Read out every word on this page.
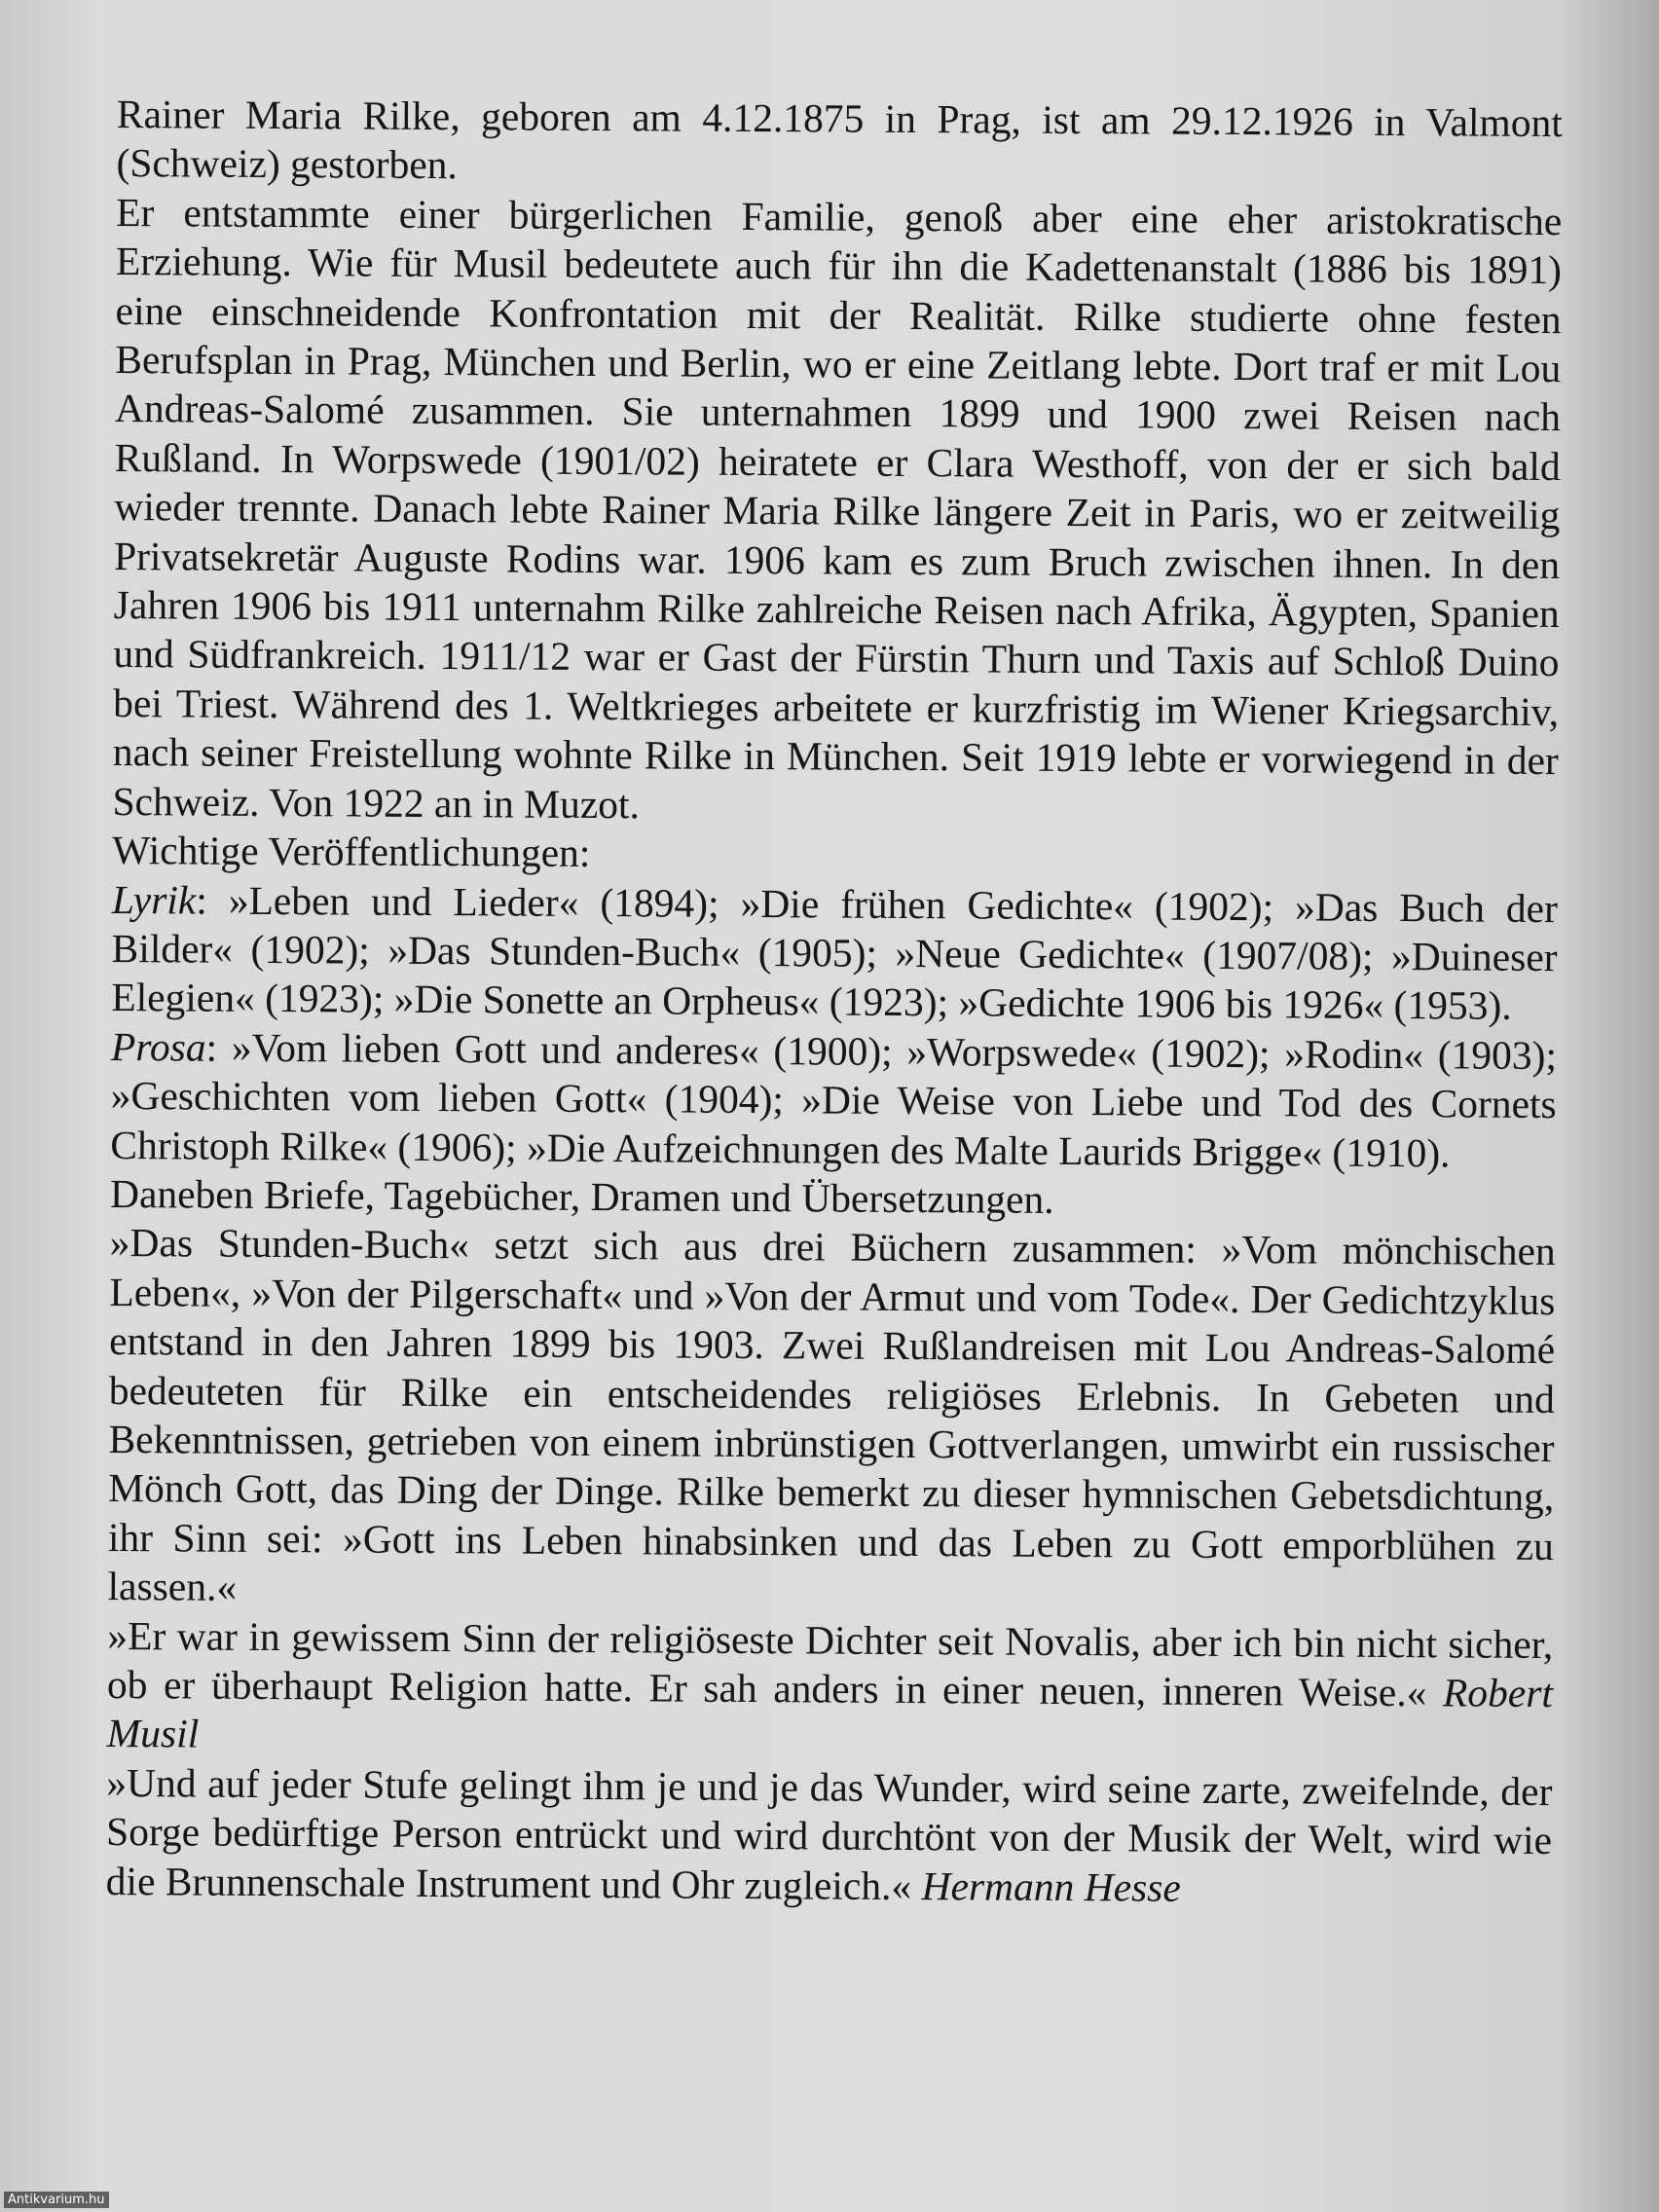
Rainer Maria Rilke, geboren am 4.12.1875 in Prag, ist am 29.12.1926 in Valmont (Schweiz) gestorben.

Er entstammte einer bürgerlichen Familie, genoß aber eine eher aristokratische Erziehung. Wie für Musil bedeutete auch für ihn die Kadettenanstalt (1886 bis 1891) eine einschneidende Konfrontation mit der Realität. Rilke studierte ohne festen Berufsplan in Prag, München und Berlin, wo er eine Zeitlang lebte. Dort traf er mit Lou Andreas-Salomé zusammen. Sie unternahmen 1899 und 1900 zwei Reisen nach Rußland. In Worpswede (1901/02) heiratete er Clara Westhoff, von der er sich bald wieder trennte. Danach lebte Rainer Maria Rilke längere Zeit in Paris, wo er zeitweilig Privatsekretär Auguste Rodins war. 1906 kam es zum Bruch zwischen ihnen. In den Jahren 1906 bis 1911 unternahm Rilke zahlreiche Reisen nach Afrika, Ägypten, Spanien und Südfrankreich. 1911/12 war er Gast der Fürstin Thurn und Taxis auf Schloß Duino bei Triest. Während des 1. Weltkrieges arbeitete er kurzfristig im Wiener Kriegsarchiv, nach seiner Freistellung wohnte Rilke in München. Seit 1919 lebte er vorwiegend in der Schweiz. Von 1922 an in Muzot.

Wichtige Veröffentlichungen:

Lyrik: »Leben und Lieder« (1894); »Die frühen Gedichte« (1902); »Das Buch der Bilder« (1902); »Das Stunden-Buch« (1905); »Neue Gedichte« (1907/08); »Duineser Elegien« (1923); »Die Sonette an Orpheus« (1923); »Gedichte 1906 bis 1926« (1953).

Prosa: »Vom lieben Gott und anderes« (1900); »Worpswede« (1902); »Rodin« (1903); »Geschichten vom lieben Gott« (1904); »Die Weise von Liebe und Tod des Cornets Christoph Rilke« (1906); »Die Aufzeichnungen des Malte Laurids Brigge« (1910).

Daneben Briefe, Tagebücher, Dramen und Übersetzungen.

»Das Stunden-Buch« setzt sich aus drei Büchern zusammen: »Vom mönchischen Leben«, »Von der Pilgerschaft« und »Von der Armut und vom Tode«. Der Gedichtzyklus entstand in den Jahren 1899 bis 1903. Zwei Rußlandreisen mit Lou Andreas-Salomé bedeuteten für Rilke ein entscheidendes religiöses Erlebnis. In Gebeten und Bekenntnissen, getrieben von einem inbrünstigen Gottverlangen, umwirbt ein russischer Mönch Gott, das Ding der Dinge. Rilke bemerkt zu dieser hymnischen Gebetsdichtung, ihr Sinn sei: »Gott ins Leben hinabsinken und das Leben zu Gott emporblühen zu lassen.«

»Er war in gewissem Sinn der religiöseste Dichter seit Novalis, aber ich bin nicht sicher, ob er überhaupt Religion hatte. Er sah anders in einer neuen, inneren Weise.« Robert Musil

»Und auf jeder Stufe gelingt ihm je und je das Wunder, wird seine zarte, zweifelnde, der Sorge bedürftige Person entrückt und wird durchtönt von der Musik der Welt, wird wie die Brunnenschale Instrument und Ohr zugleich.« Hermann Hesse

Antikvarium.hu
